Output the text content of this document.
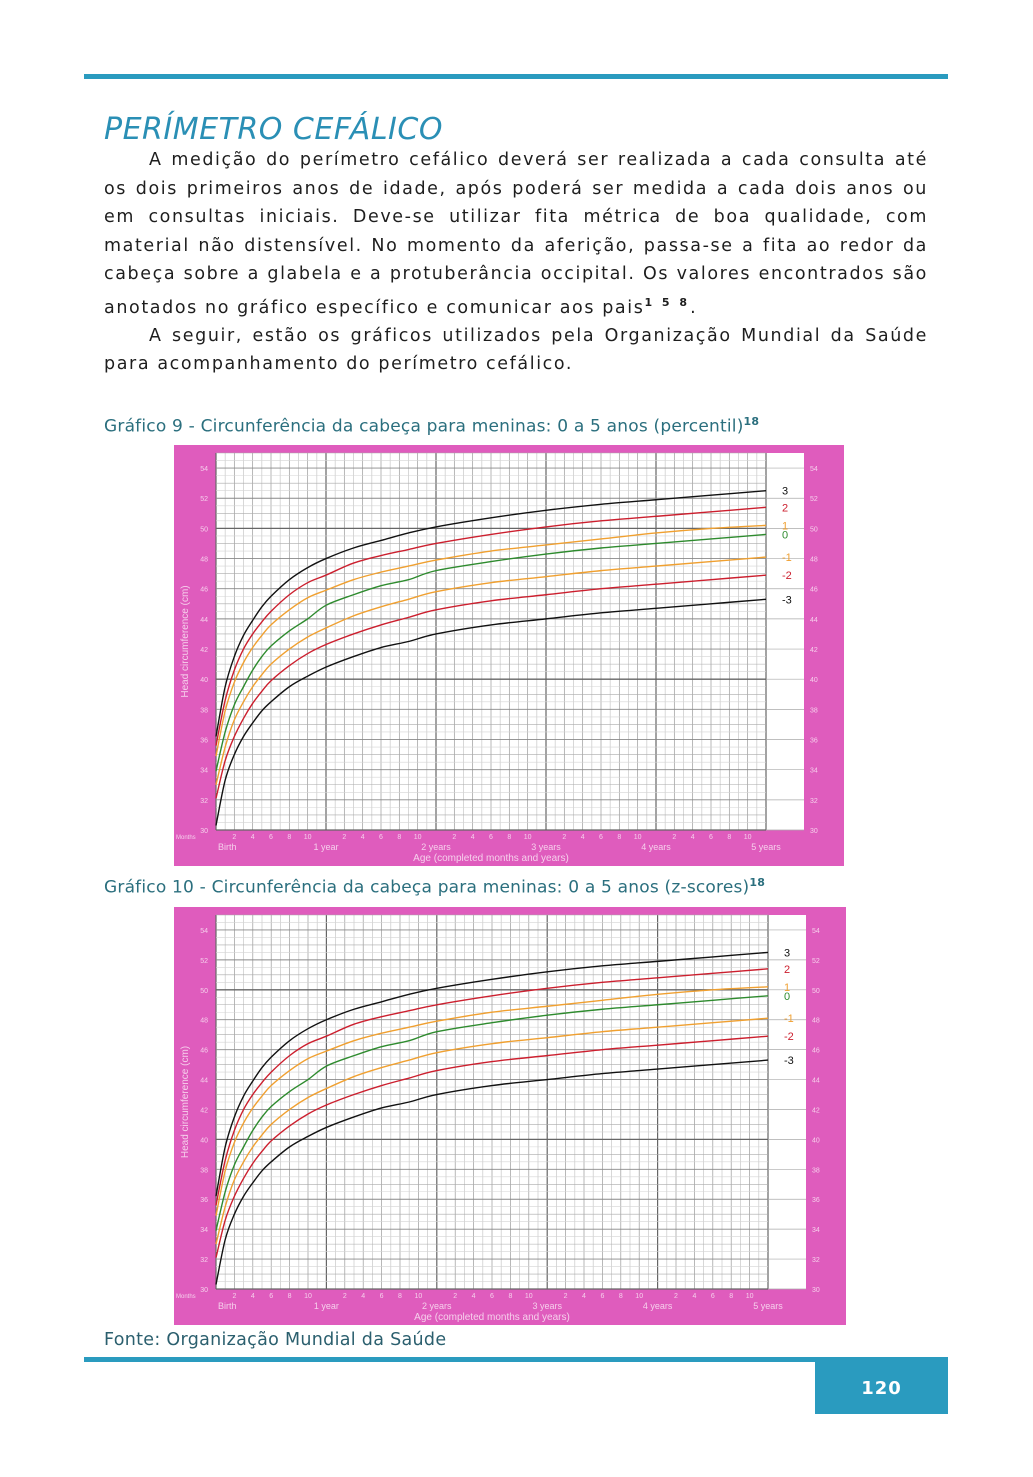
PERÍMETRO CEFÁLICO

A medição do perímetro cefálico deverá ser realizada a cada consulta até os dois primeiros anos de idade, após poderá ser medida a cada dois anos ou em consultas iniciais. Deve-se utilizar fita métrica de boa qualidade, com material não distensível. No momento da aferição, passa-se a fita ao redor da cabeça sobre a glabela e a protuberância occipital. Os valores encontrados são anotados no gráfico específico e comunicar aos pais$^{1 5 8}$.

A seguir, estão os gráficos utilizados pela Organização Mundial da Saúde para acompanhamento do perímetro cefálico.

Gráfico 9 - Circunferência da cabeça para meninas: 0 a 5 anos (percentil)$^{18}$
30	30
32	32
34	34
36	36
38	38
40	40
42	42
44	44
46	46
48	48
50	50
52	52
54	54
Head circumference (cm)
Months	2 4 6 8 10	2 4 6 8 10	2 4 6 8 10	2 4 6 8 10	2 4 6 8 10
Birth	1 year	2 years	3 years	4 years	5 years
Age (completed months and years)
3
2
1
0
-1
-2
-3
Gráfico 10 - Circunferência da cabeça para meninas: 0 a 5 anos (z-scores)$^{18}$
30	30
32	32
34	34
36	36
38	38
40	40
42	42
44	44
46	46
48	48
50	50
52	52
54	54
Head circumference (cm)
Months	2 4 6 8 10	2 4 6 8 10	2 4 6 8 10	2 4 6 8 10	2 4 6 8 10
Birth	1 year	2 years	3 years	4 years	5 years
Age (completed months and years)
3
2
1
0
-1
-2
-3
Fonte: Organização Mundial da Saúde
120
